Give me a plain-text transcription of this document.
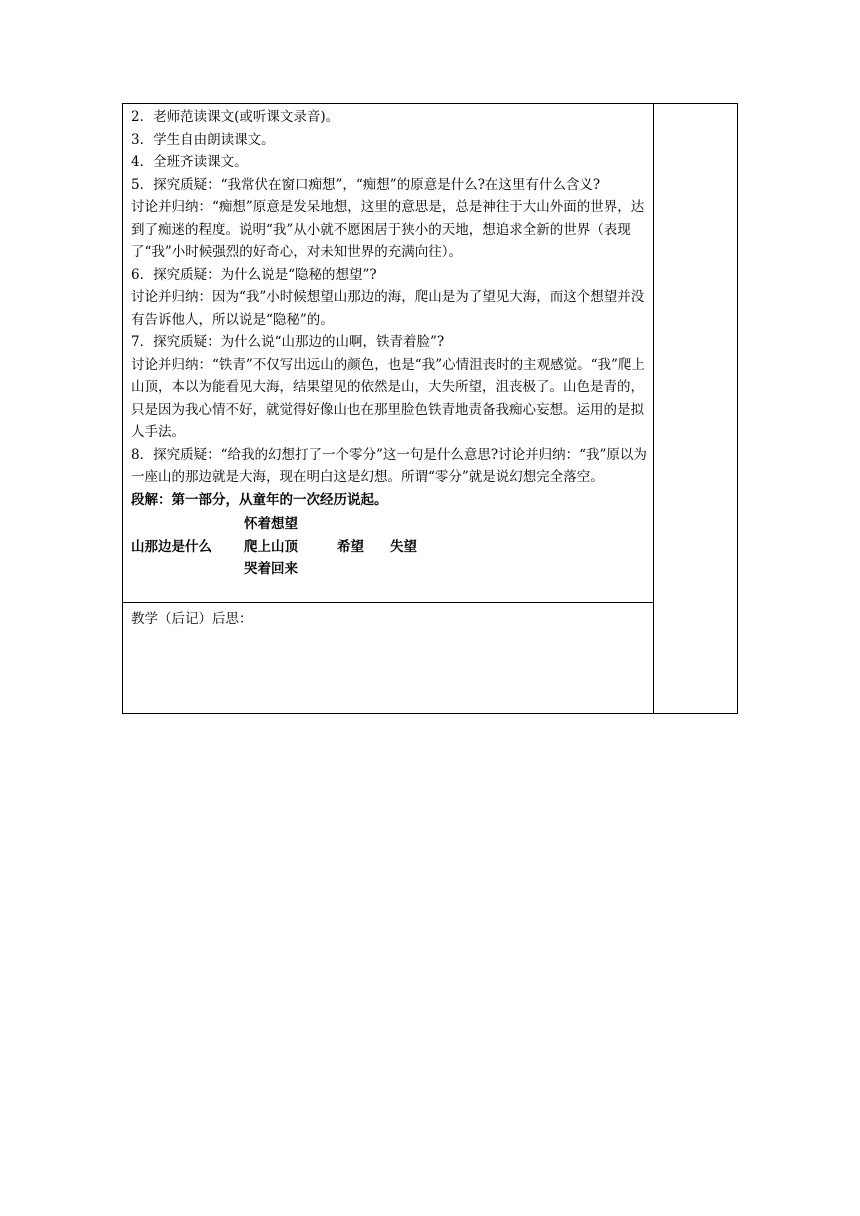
2．老师范读课文(或听课文录音)。

3．学生自由朗读课文。

4．全班齐读课文。

5．探究质疑：“我常伏在窗口痴想”，“痴想”的原意是什么?在这里有什么含义?

讨论并归纳：“痴想”原意是发呆地想，这里的意思是，总是神往于大山外面的世界，达到了痴迷的程度。说明“我”从小就不愿困居于狭小的天地，想追求全新的世界（表现了“我”小时候强烈的好奇心，对未知世界的充满向往）。

6．探究质疑：为什么说是“隐秘的想望”?

讨论并归纳：因为“我”小时候想望山那边的海，爬山是为了望见大海，而这个想望并没有告诉他人，所以说是“隐秘”的。

7．探究质疑：为什么说“山那边的山啊，铁青着脸”?

讨论并归纳：“铁青”不仅写出远山的颜色，也是“我”心情沮丧时的主观感觉。“我”爬上山顶，本以为能看见大海，结果望见的依然是山，大失所望，沮丧极了。山色是青的，只是因为我心情不好，就觉得好像山也在那里脸色铁青地责备我痴心妄想。运用的是拟人手法。

8．探究质疑：“给我的幻想打了一个零分”这一句是什么意思?讨论并归纳：“我”原以为一座山的那边就是大海，现在明白这是幻想。所谓“零分”就是说幻想完全落空。

段解：第一部分，从童年的一次经历说起。

怀着想望
山那边是什么 爬上山顶	希望 失望
哭着回来
教学（后记）后思：
